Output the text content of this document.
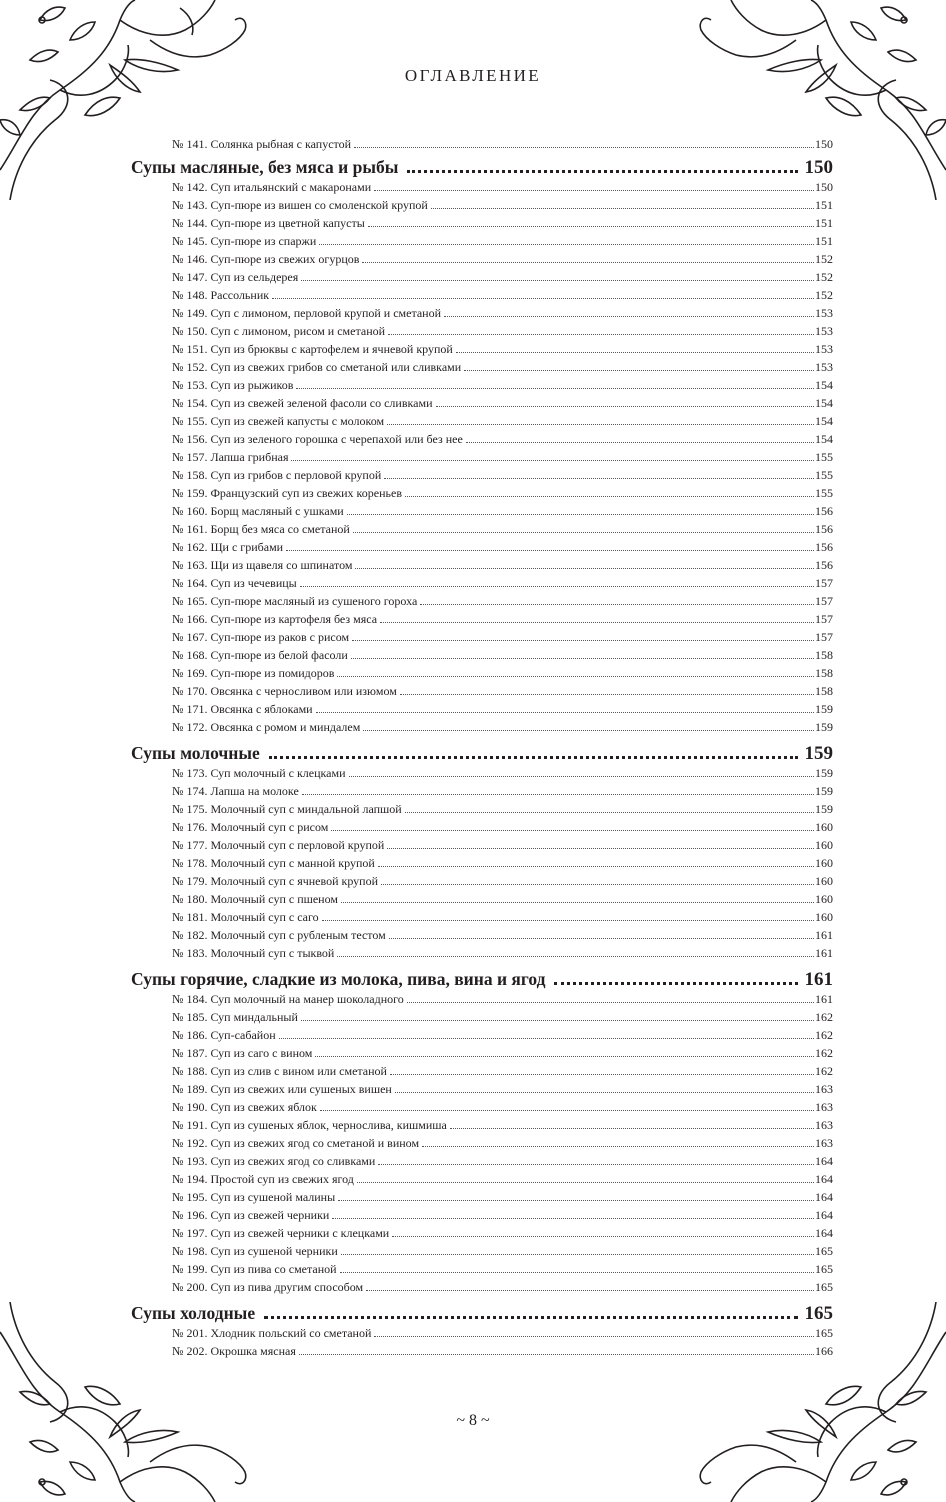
ОГЛАВЛЕНИЕ
№ 141. Солянка рыбная с капустой	150
Супы масляные, без мяса и рыбы	150
№ 142. Суп итальянский с макаронами	150
№ 143. Суп-пюре из вишен со смоленской крупой	151
№ 144. Суп-пюре из цветной капусты	151
№ 145. Суп-пюре из спаржи	151
№ 146. Суп-пюре из свежих огурцов	152
№ 147. Суп из сельдерея	152
№ 148. Рассольник	152
№ 149. Суп с лимоном, перловой крупой и сметаной	153
№ 150. Суп с лимоном, рисом и сметаной	153
№ 151. Суп из брюквы с картофелем и ячневой крупой	153
№ 152. Суп из свежих грибов со сметаной или сливками	153
№ 153. Суп из рыжиков	154
№ 154. Суп из свежей зеленой фасоли со сливками	154
№ 155. Суп из свежей капусты с молоком	154
№ 156. Суп из зеленого горошка с черепахой или без нее	154
№ 157. Лапша грибная	155
№ 158. Суп из грибов с перловой крупой	155
№ 159. Французский суп из свежих кореньев	155
№ 160. Борщ масляный с ушками	156
№ 161. Борщ без мяса со сметаной	156
№ 162. Щи с грибами	156
№ 163. Щи из щавеля со шпинатом	156
№ 164. Суп из чечевицы	157
№ 165. Суп-пюре масляный из сушеного гороха	157
№ 166. Суп-пюре из картофеля без мяса	157
№ 167. Суп-пюре из раков с рисом	157
№ 168. Суп-пюре из белой фасоли	158
№ 169. Суп-пюре из помидоров	158
№ 170. Овсянка с черносливом или изюмом	158
№ 171. Овсянка с яблоками	159
№ 172. Овсянка с ромом и миндалем	159
Супы молочные	159
№ 173. Суп молочный с клецками	159
№ 174. Лапша на молоке	159
№ 175. Молочный суп с миндальной лапшой	159
№ 176. Молочный суп с рисом	160
№ 177. Молочный суп с перловой крупой	160
№ 178. Молочный суп с манной крупой	160
№ 179. Молочный суп с ячневой крупой	160
№ 180. Молочный суп с пшеном	160
№ 181. Молочный суп с саго	160
№ 182. Молочный суп с рубленым тестом	161
№ 183. Молочный суп с тыквой	161
Супы горячие, сладкие из молока, пива, вина и ягод	161
№ 184. Суп молочный на манер шоколадного	161
№ 185. Суп миндальный	162
№ 186. Суп-сабайон	162
№ 187. Суп из саго с вином	162
№ 188. Суп из слив с вином или сметаной	162
№ 189. Суп из свежих или сушеных вишен	163
№ 190. Суп из свежих яблок	163
№ 191. Суп из сушеных яблок, чернослива, кишмиша	163
№ 192. Суп из свежих ягод со сметаной и вином	163
№ 193. Суп из свежих ягод со сливками	164
№ 194. Простой суп из свежих ягод	164
№ 195. Суп из сушеной малины	164
№ 196. Суп из свежей черники	164
№ 197. Суп из свежей черники с клецками	164
№ 198. Суп из сушеной черники	165
№ 199. Суп из пива со сметаной	165
№ 200. Суп из пива другим способом	165
Супы холодные	165
№ 201. Хлодник польский со сметаной	165
№ 202. Окрошка мясная	166
~ 8 ~
